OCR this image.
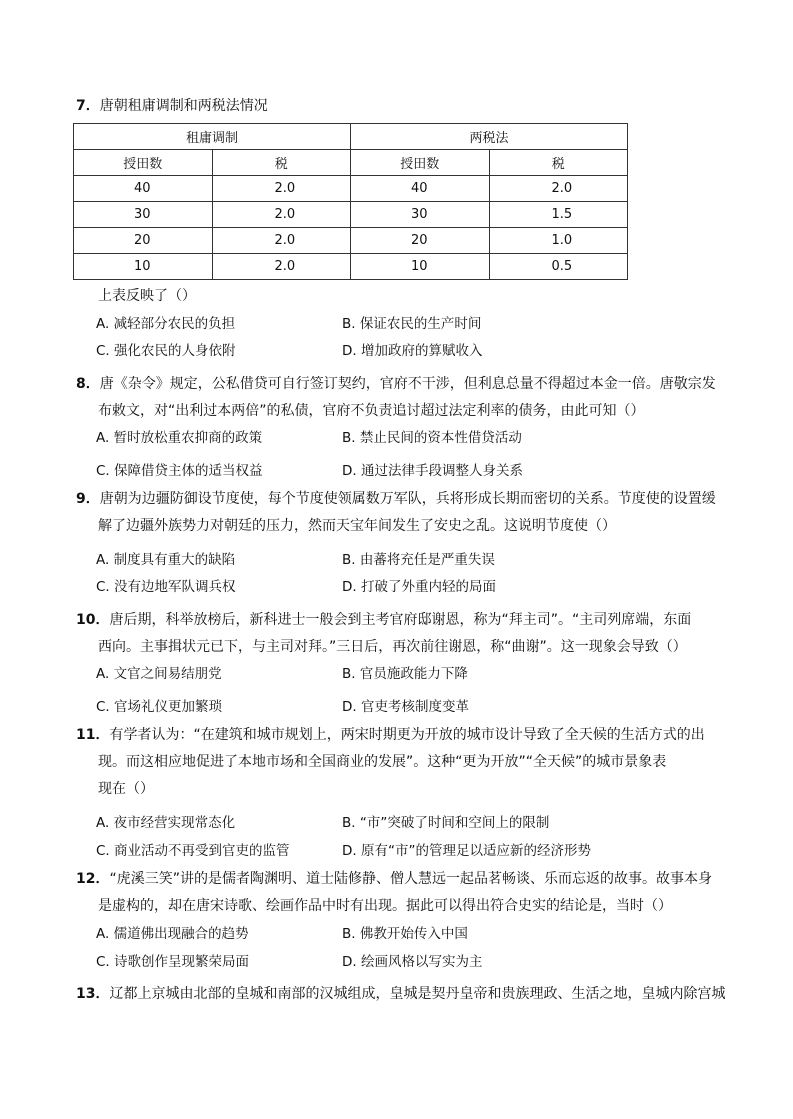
7．唐朝租庸调制和两税法情况
租庸调制		两税法	
授田数	税	授田数	税
40	2.0	40	2.0
30	2.0	30	1.5
20	2.0	20	1.0
10	2.0	10	0.5
上表反映了（）
A. 减轻部分农民的负担	B. 保证农民的生产时间
C. 强化农民的人身依附	D. 增加政府的算赋收入
8．唐《杂令》规定，公私借贷可自行签订契约，官府不干涉，但利息总量不得超过本金一倍。唐敬宗发
布敕文，对“出利过本两倍”的私债，官府不负责追讨超过法定利率的债务，由此可知（）
A. 暂时放松重农抑商的政策	B. 禁止民间的资本性借贷活动
C. 保障借贷主体的适当权益	D. 通过法律手段调整人身关系
9．唐朝为边疆防御设节度使，每个节度使领属数万军队，兵将形成长期而密切的关系。节度使的设置缓
解了边疆外族势力对朝廷的压力，然而天宝年间发生了安史之乱。这说明节度使（）
A. 制度具有重大的缺陷	B. 由蕃将充任是严重失误
C. 没有边地军队调兵权	D. 打破了外重内轻的局面
10．唐后期，科举放榜后，新科进士一般会到主考官府邸谢恩，称为“拜主司”。“主司列席端，东面
西向。主事揖状元已下，与主司对拜。”三日后，再次前往谢恩，称“曲谢”。这一现象会导致（）
A. 文官之间易结朋党	B. 官员施政能力下降
C. 官场礼仪更加繁琐	D. 官吏考核制度变革
11．有学者认为：“在建筑和城市规划上，两宋时期更为开放的城市设计导致了全天候的生活方式的出
现。而这相应地促进了本地市场和全国商业的发展”。这种“更为开放”“全天候”的城市景象表
现在（）
A. 夜市经营实现常态化	B. “市”突破了时间和空间上的限制
C. 商业活动不再受到官吏的监管	D. 原有“市”的管理足以适应新的经济形势
12．“虎溪三笑”讲的是儒者陶渊明、道士陆修静、僧人慧远一起品茗畅谈、乐而忘返的故事。故事本身
是虚构的，却在唐宋诗歌、绘画作品中时有出现。据此可以得出符合史实的结论是，当时（）
A. 儒道佛出现融合的趋势	B. 佛教开始传入中国
C. 诗歌创作呈现繁荣局面	D. 绘画风格以写实为主
13．辽都上京城由北部的皇城和南部的汉城组成，皇城是契丹皇帝和贵族理政、生活之地，皇城内除宫城
